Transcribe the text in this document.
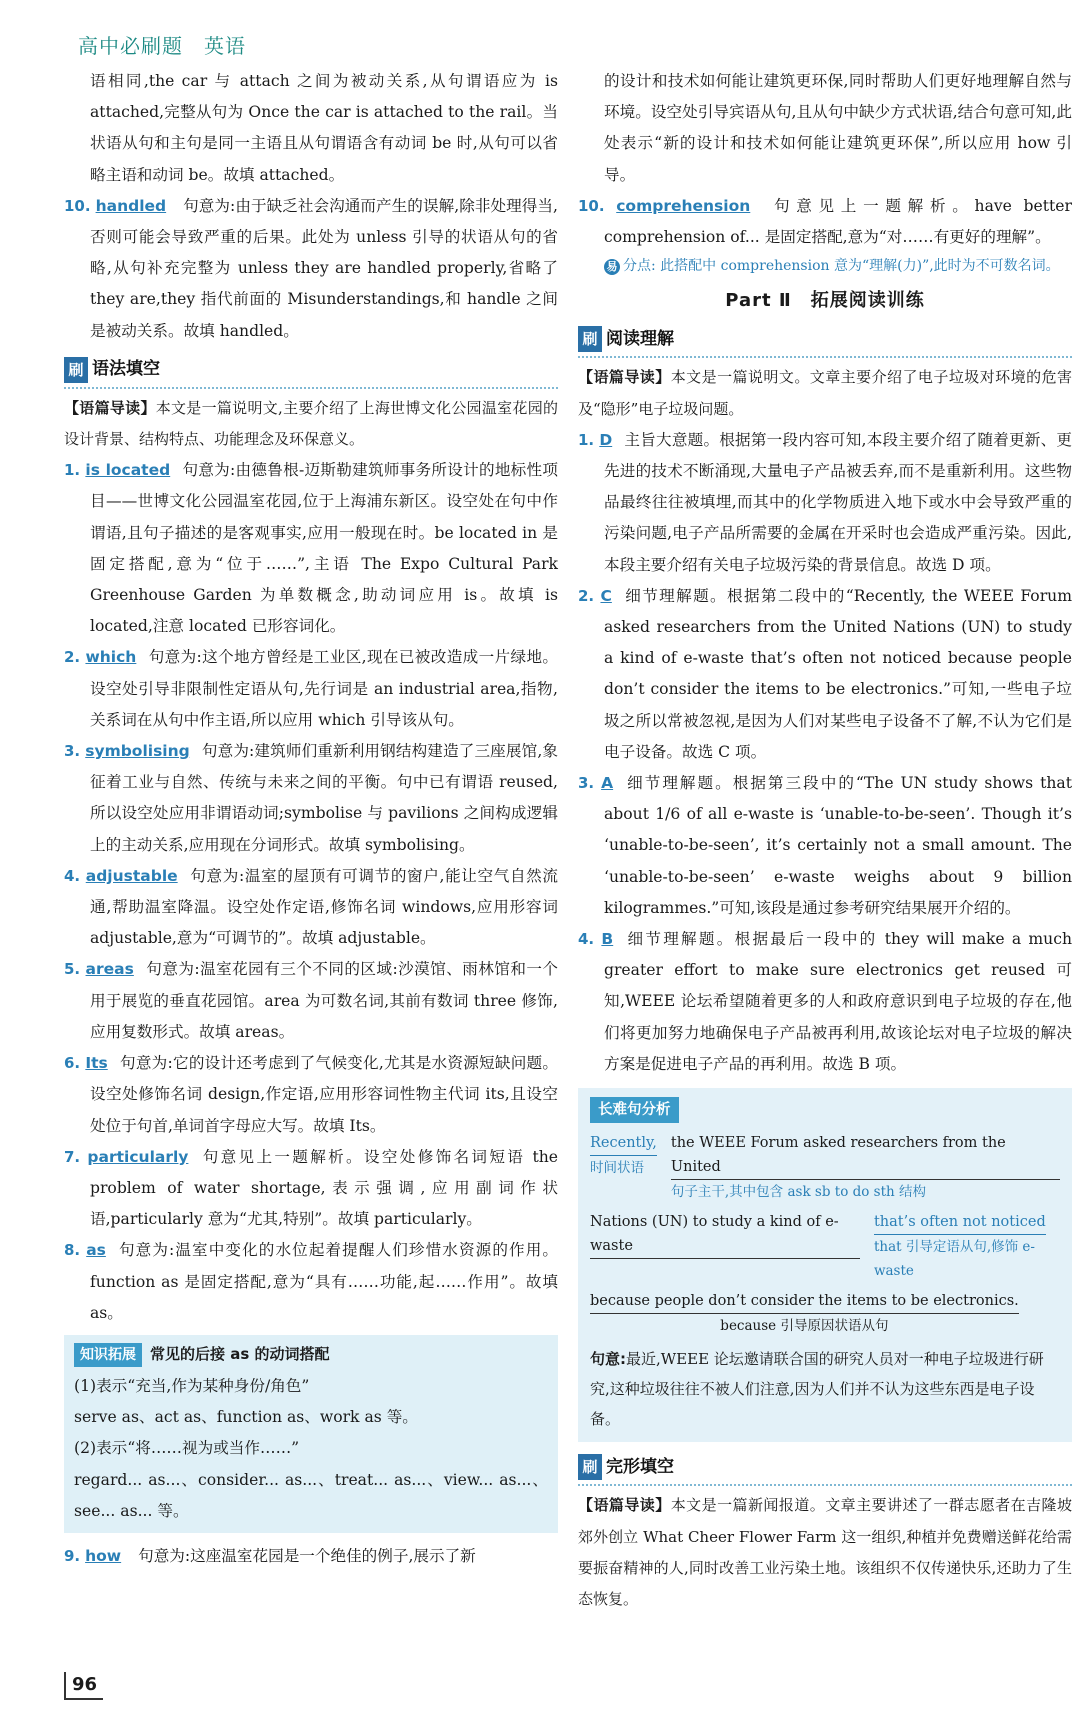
高中必刷题　英语

语相同,the car 与 attach 之间为被动关系,从句谓语应为 is attached,完整从句为 Once the car is attached to the rail。当状语从句和主句是同一主语且从句谓语含有动词 be 时,从句可以省略主语和动词 be。故填 attached。

10. handled 句意为:由于缺乏社会沟通而产生的误解,除非处理得当,否则可能会导致严重的后果。此处为 unless 引导的状语从句的省略,从句补充完整为 unless they are handled properly,省略了 they are,they 指代前面的 Misunderstandings,和 handle 之间是被动关系。故填 handled。

刷 语法填空

【语篇导读】本文是一篇说明文,主要介绍了上海世博文化公园温室花园的设计背景、结构特点、功能理念及环保意义。

1. is located 句意为:由德鲁根-迈斯勒建筑师事务所设计的地标性项目——世博文化公园温室花园,位于上海浦东新区。设空处在句中作谓语,且句子描述的是客观事实,应用一般现在时。be located in 是固定搭配,意为“位于……”,主语 The Expo Cultural Park Greenhouse Garden 为单数概念,助动词应用 is。故填 is located,注意 located 已形容词化。

2. which 句意为:这个地方曾经是工业区,现在已被改造成一片绿地。设空处引导非限制性定语从句,先行词是 an industrial area,指物,关系词在从句中作主语,所以应用 which 引导该从句。

3. symbolising 句意为:建筑师们重新利用钢结构建造了三座展馆,象征着工业与自然、传统与未来之间的平衡。句中已有谓语 reused,所以设空处应用非谓语动词;symbolise 与 pavilions 之间构成逻辑上的主动关系,应用现在分词形式。故填 symbolising。

4. adjustable 句意为:温室的屋顶有可调节的窗户,能让空气自然流通,帮助温室降温。设空处作定语,修饰名词 windows,应用形容词 adjustable,意为“可调节的”。故填 adjustable。

5. areas 句意为:温室花园有三个不同的区域:沙漠馆、雨林馆和一个用于展览的垂直花园馆。area 为可数名词,其前有数词 three 修饰,应用复数形式。故填 areas。

6. Its 句意为:它的设计还考虑到了气候变化,尤其是水资源短缺问题。设空处修饰名词 design,作定语,应用形容词性物主代词 its,且设空处位于句首,单词首字母应大写。故填 Its。

7. particularly 句意见上一题解析。设空处修饰名词短语 the problem of water shortage,表示强调,应用副词作状语,particularly 意为“尤其,特别”。故填 particularly。

8. as 句意为:温室中变化的水位起着提醒人们珍惜水资源的作用。function as 是固定搭配,意为“具有……功能,起……作用”。故填 as。

知识拓展 常见的后接 as 的动词搭配

(1)表示“充当,作为某种身份/角色”

serve as、act as、function as、work as 等。

(2)表示“将……视为或当作……”

regard... as...、consider... as...、treat... as...、view... as...、see... as... 等。

9. how 句意为:这座温室花园是一个绝佳的例子,展示了新

的设计和技术如何能让建筑更环保,同时帮助人们更好地理解自然与环境。设空处引导宾语从句,且从句中缺少方式状语,结合句意可知,此处表示“新的设计和技术如何能让建筑更环保”,所以应用 how 引导。

10. comprehension 句意见上一题解析。have better comprehension of... 是固定搭配,意为“对……有更好的理解”。

易 分点: 此搭配中 comprehension 意为“理解(力)”,此时为不可数名词。
Part Ⅱ　拓展阅读训练
刷 阅读理解

【语篇导读】本文是一篇说明文。文章主要介绍了电子垃圾对环境的危害及“隐形”电子垃圾问题。

1. D 主旨大意题。根据第一段内容可知,本段主要介绍了随着更新、更先进的技术不断涌现,大量电子产品被丢弃,而不是重新利用。这些物品最终往往被填埋,而其中的化学物质进入地下或水中会导致严重的污染问题,电子产品所需要的金属在开采时也会造成严重污染。因此,本段主要介绍有关电子垃圾污染的背景信息。故选 D 项。

2. C 细节理解题。根据第二段中的“Recently, the WEEE Forum asked researchers from the United Nations (UN) to study a kind of e-waste that’s often not noticed because people don’t consider the items to be electronics.”可知,一些电子垃圾之所以常被忽视,是因为人们对某些电子设备不了解,不认为它们是电子设备。故选 C 项。

3. A 细节理解题。根据第三段中的“The UN study shows that about 1/6 of all e-waste is ‘unable-to-be-seen’. Though it’s ‘unable-to-be-seen’, it’s certainly not a small amount. The ‘unable-to-be-seen’ e-waste weighs about 9 billion kilogrammes.”可知,该段是通过参考研究结果展开介绍的。

4. B 细节理解题。根据最后一段中的 they will make a much greater effort to make sure electronics get reused 可知,WEEE 论坛希望随着更多的人和政府意识到电子垃圾的存在,他们将更加努力地确保电子产品被再利用,故该论坛对电子垃圾的解决方案是促进电子产品的再利用。故选 B 项。

长难句分析
Recently,
时间状语
the WEEE Forum asked researchers from the United
句子主干,其中包含 ask sb to do sth 结构
Nations (UN) to study a kind of e-waste
that’s often not noticed
that 引导定语从句,修饰 e-waste
because people don’t consider the items to be electronics.
because 引导原因状语从句
句意:最近,WEEE 论坛邀请联合国的研究人员对一种电子垃圾进行研究,这种垃圾往往不被人们注意,因为人们并不认为这些东西是电子设备。
刷 完形填空

【语篇导读】本文是一篇新闻报道。文章主要讲述了一群志愿者在吉隆坡郊外创立 What Cheer Flower Farm 这一组织,种植并免费赠送鲜花给需要振奋精神的人,同时改善工业污染土地。该组织不仅传递快乐,还助力了生态恢复。

96
